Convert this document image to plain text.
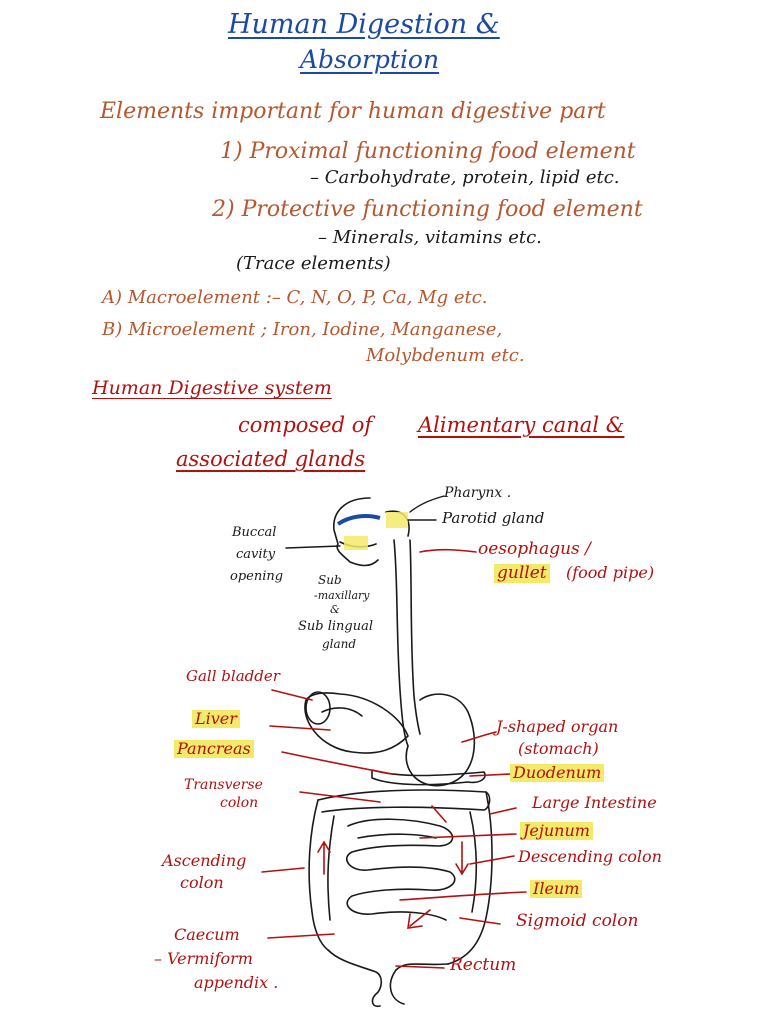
Human Digestion &
Absorption
Elements important for human digestive part
1) Proximal functioning food element
– Carbohydrate, protein, lipid etc.
2) Protective functioning food element
– Minerals, vitamins etc.
(Trace elements)
A) Macroelement :– C, N, O, P, Ca, Mg etc.
B) Microelement ; Iron, Iodine, Manganese,
Molybdenum etc.
Human Digestive system
composed of Alimentary canal &
associated glands
Pharynx .
Parotid gland
Buccal
cavity
opening	Sub
-maxillary
&
Sub lingual
gland
oesophagus /
gullet (food pipe)
Gall bladder
Liver
Pancreas
J-shaped organ
(stomach)
Duodenum
Transverse
colon	Large Intestine
Jejunum
Ascending
colon
Descending colon
Ileum
Sigmoid colon
Caecum
– Vermiform
appendix .
Rectum
